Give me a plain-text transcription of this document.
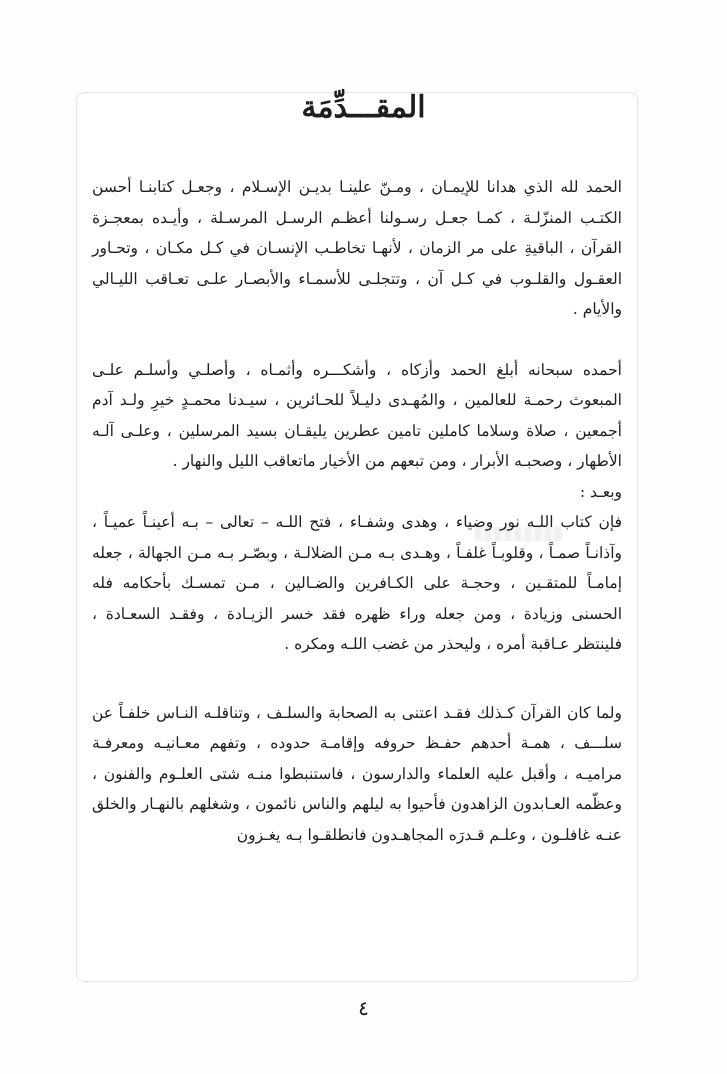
المقـــدِّمَة

الحمد لله الذي هدانا للإيمـان ، ومـنّ علينـا بديـن الإسـلام ، وجعـل كتابنـا أحسن الكتـب المنزّلـة ، كمـا جعـل رسـولنا أعظـم الرسـل المرسـلة ، وأيـده بمعجـزة القرآن ، الباقيةِ على مر الزمان ، لأنهـا تخاطـب الإنسـان في كـل مكـان ، وتحـاور العقـول والقلـوب في كـل آن ، وتتجلـى للأسمـاء والأبصـار علـى تعـاقب الليـالي والأيام .

أحمده سبحانه أبلغ الحمد وأزكاه ، وأشكـــره وأثمـاه ، وأصلـي وأسلـم علـى المبعوث رحمـة للعالمين ، والمُهـدى دليـلاً للحـائرين ، سيـدنا محمـدٍ خيرِ ولـد آدم أجمعين ، صلاة وسلاما كاملين تامين عطرين يليقـان بسيد المرسلين ، وعلـى آلـه الأطهار ، وصحبـه الأبرار ، ومن تبعهم من الأخيار ماتعاقب الليل والنهار .

وبعـد :

فإن كتاب اللـه نور وضياء ، وهدى وشفـاء ، فتح اللـه – تعالى – بـه أعينـاً عميـاً ، وآذانـاً صمـاً ، وقلوبـاً غلفـاً ، وهـدى بـه مـن الضلالـة ، وبصّـر بـه مـن الجهالة ، جعله إمامـاً للمتقـين ، وحجـة على الكـافرين والضـالين ، مـن تمسـك بأحكامه فله الحسنى وزيادة ، ومن جعله وراء ظهره فقد خسر الزيـادة ، وفقـد السعـادة ، فلينتظر عـاقبة أمره ، وليحذر من غضب اللـه ومكره .

ولما كان القرآن كـذلك فقـد اعتنى به الصحابة والسلـف ، وتناقلـه النـاس خلفـاً عن سلـــف ، همـة أحدهم حفـظ حروفه وإقامـة حدوده ، وتفهم معـانيـه ومعرفـة مراميـه ، وأقبل عليه العلماء والدارسون ، فاستنبطوا منـه شتى العلـوم والفنون ، وعظّمه العـابدون الزاهدون فأحيوا به ليلهم والناس نائمون ، وشغلهم بالنهـار والخلق عنـه غافلـون ، وعلـم قـدرَه المجاهـدون فانطلقـوا بـه يغـزون

٤
